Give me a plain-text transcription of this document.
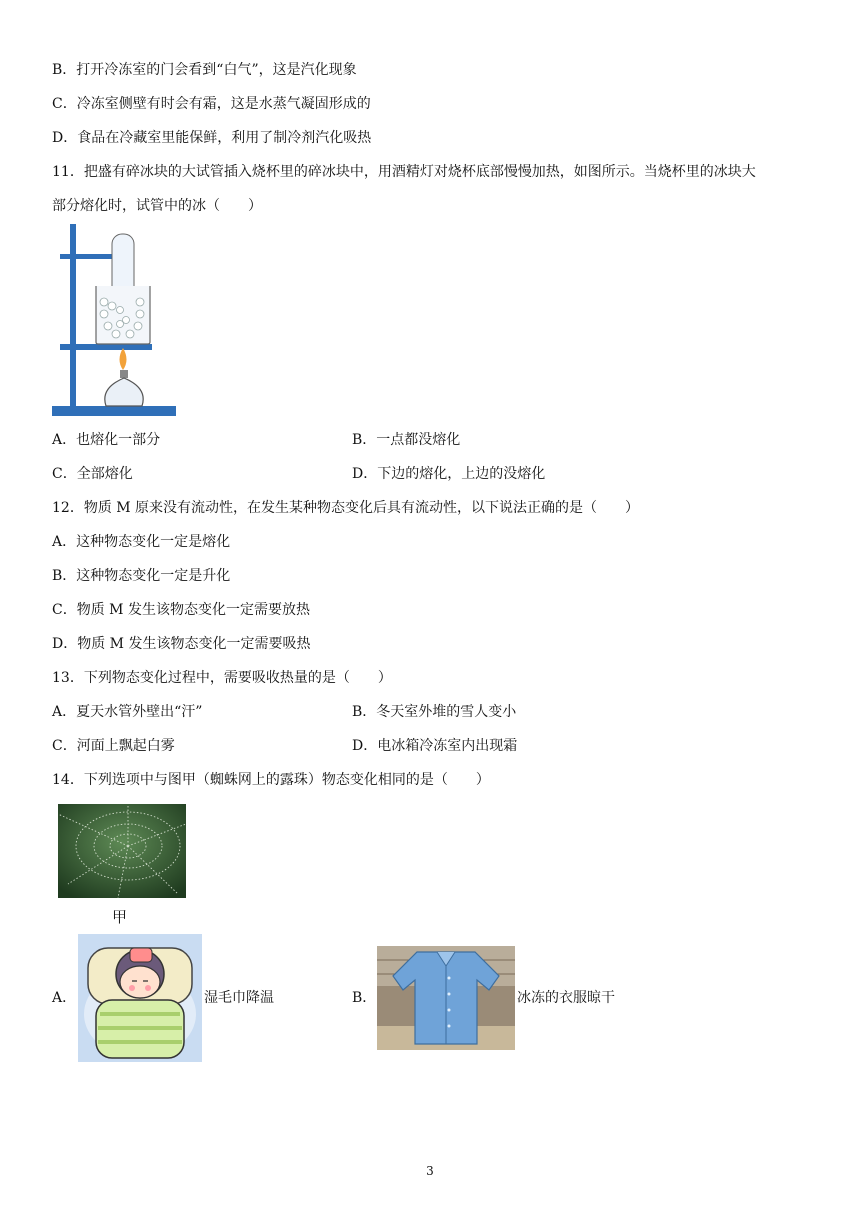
B．打开冷冻室的门会看到“白气”，这是汽化现象
C．冷冻室侧壁有时会有霜，这是水蒸气凝固形成的
D．食品在冷藏室里能保鲜，利用了制冷剂汽化吸热
11．把盛有碎冰块的大试管插入烧杯里的碎冰块中，用酒精灯对烧杯底部慢慢加热，如图所示。当烧杯里的冰块大
部分熔化时，试管中的冰（　　）
A．也熔化一部分	B．一点都没熔化
C．全部熔化	D．下边的熔化，上边的没熔化
12．物质 M 原来没有流动性，在发生某种物态变化后具有流动性，以下说法正确的是（　　）
A．这种物态变化一定是熔化
B．这种物态变化一定是升化
C．物质 M 发生该物态变化一定需要放热
D．物质 M 发生该物态变化一定需要吸热
13．下列物态变化过程中，需要吸收热量的是（　　）
A．夏天水管外壁出“汗”	B．冬天室外堆的雪人变小
C．河面上飘起白雾	D．电冰箱冷冻室内出现霜
14．下列选项中与图甲（蜘蛛网上的露珠）物态变化相同的是（　　）
甲
A．	湿毛巾降温	B．	冰冻的衣服晾干
3
